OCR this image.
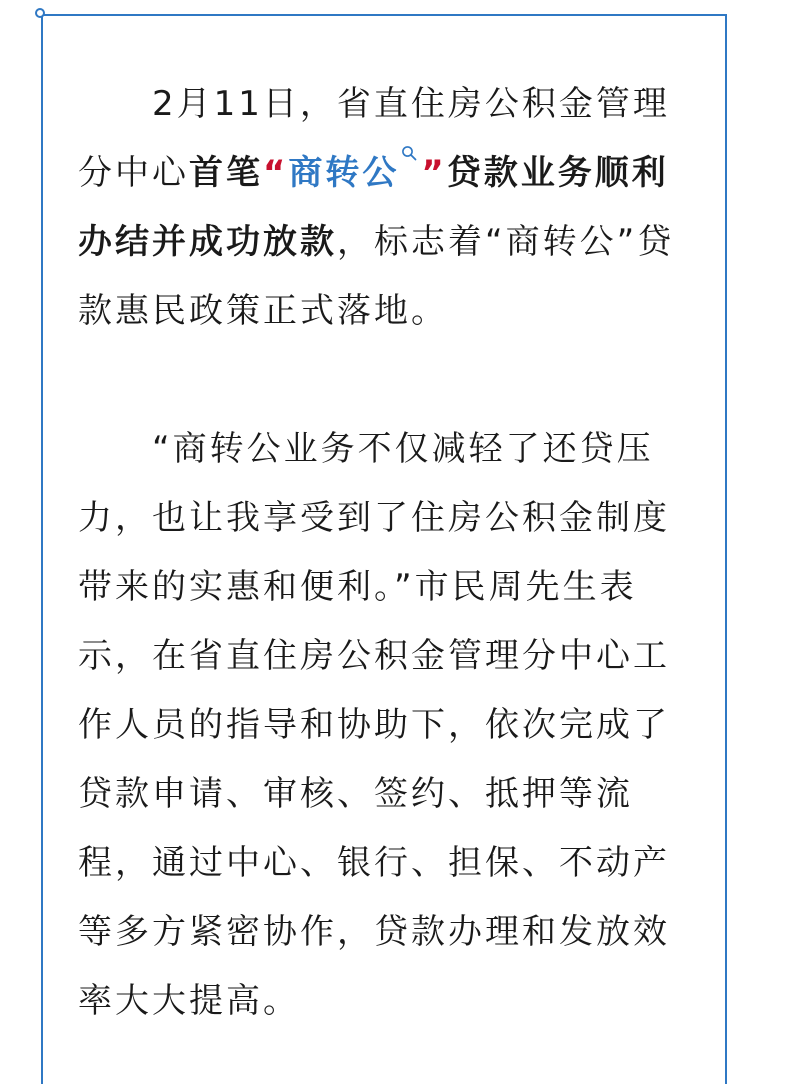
2月11日，省直住房公积金管理分中心首笔“商转公 ”贷款业务顺利办结并成功放款，标志着“商转公”贷款惠民政策正式落地。

“商转公业务不仅减轻了还贷压力，也让我享受到了住房公积金制度带来的实惠和便利。”市民周先生表示，在省直住房公积金管理分中心工作人员的指导和协助下，依次完成了贷款申请、审核、签约、抵押等流程，通过中心、银行、担保、不动产等多方紧密协作，贷款办理和发放效率大大提高。
